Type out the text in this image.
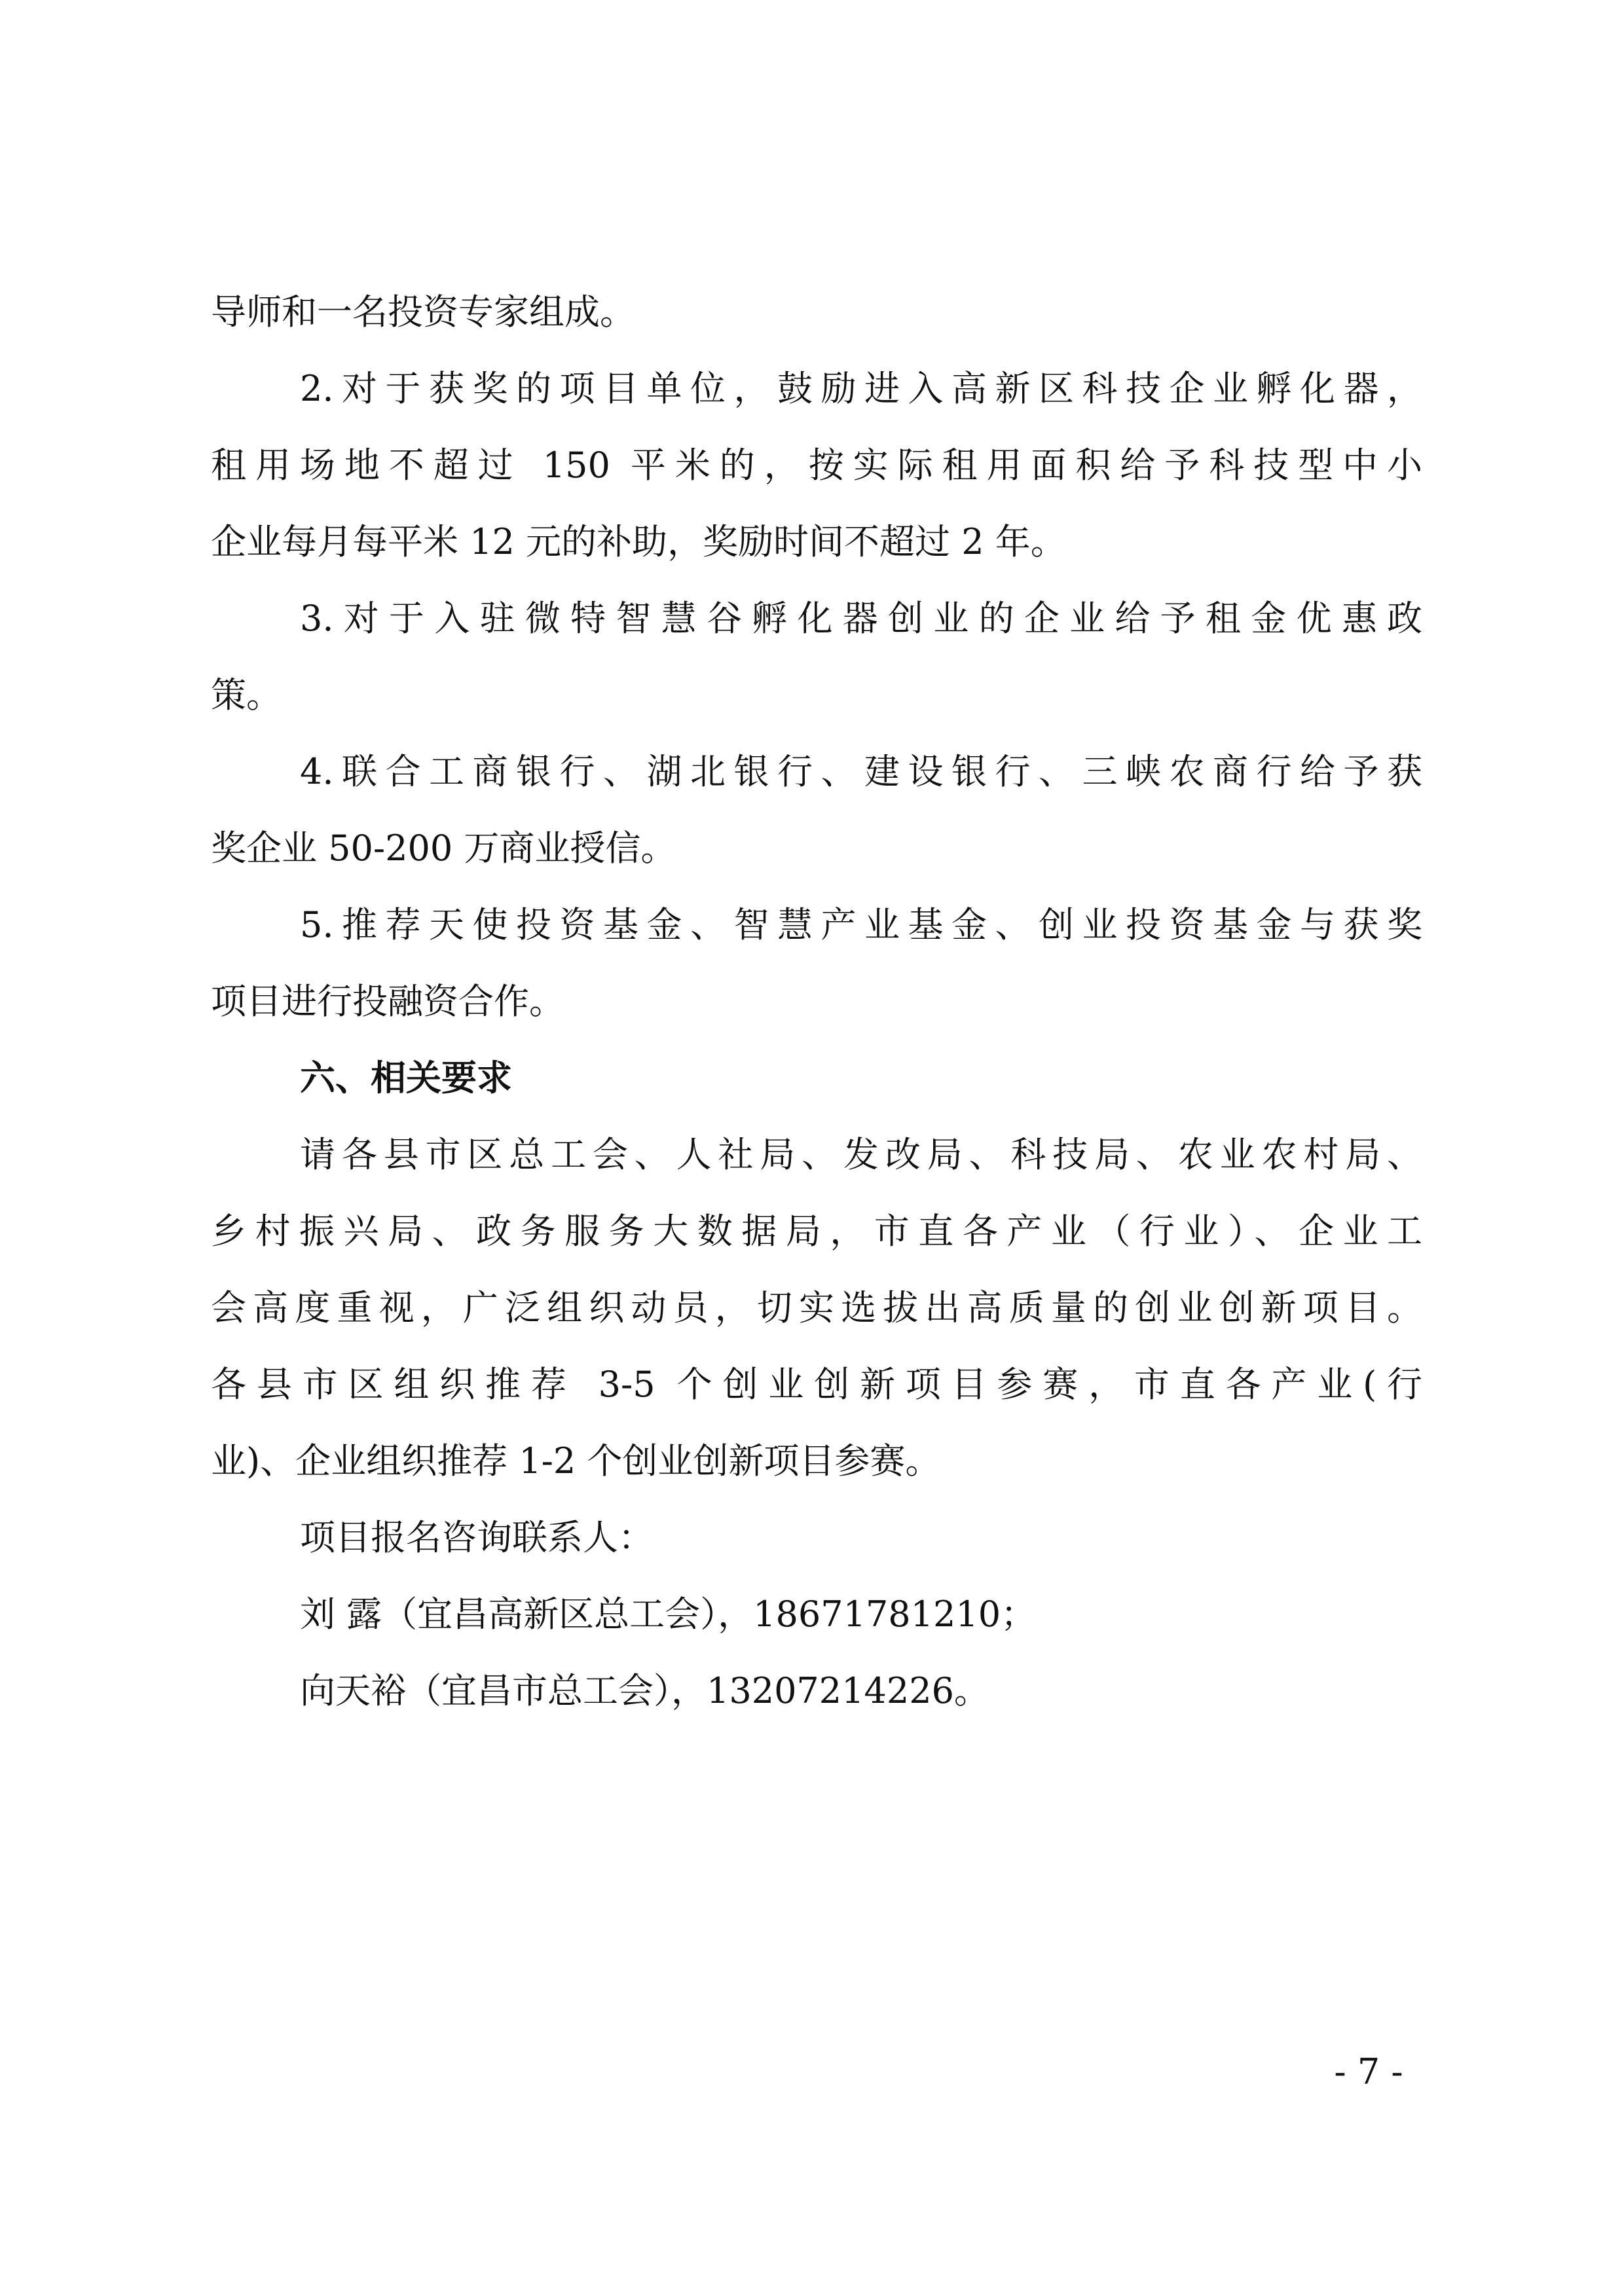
导师和一名投资专家组成。
2.对于获奖的项目单位，鼓励进入高新区科技企业孵化器，
租用场地不超过 150 平米的，按实际租用面积给予科技型中小
企业每月每平米 12 元的补助，奖励时间不超过 2 年。
3.对于入驻微特智慧谷孵化器创业的企业给予租金优惠政
策。
4.联合工商银行、湖北银行、建设银行、三峡农商行给予获
奖企业 50-200 万商业授信。
5.推荐天使投资基金、智慧产业基金、创业投资基金与获奖
项目进行投融资合作。
六、相关要求
请各县市区总工会、人社局、发改局、科技局、农业农村局、
乡村振兴局、政务服务大数据局，市直各产业（行业）、企业工
会高度重视，广泛组织动员，切实选拔出高质量的创业创新项目。
各县市区组织推荐 3-5 个创业创新项目参赛，市直各产业(行
业)、企业组织推荐 1-2 个创业创新项目参赛。
项目报名咨询联系人：
刘 露（宜昌高新区总工会），18671781210；
向天裕（宜昌市总工会），13207214226。
- 7 -
